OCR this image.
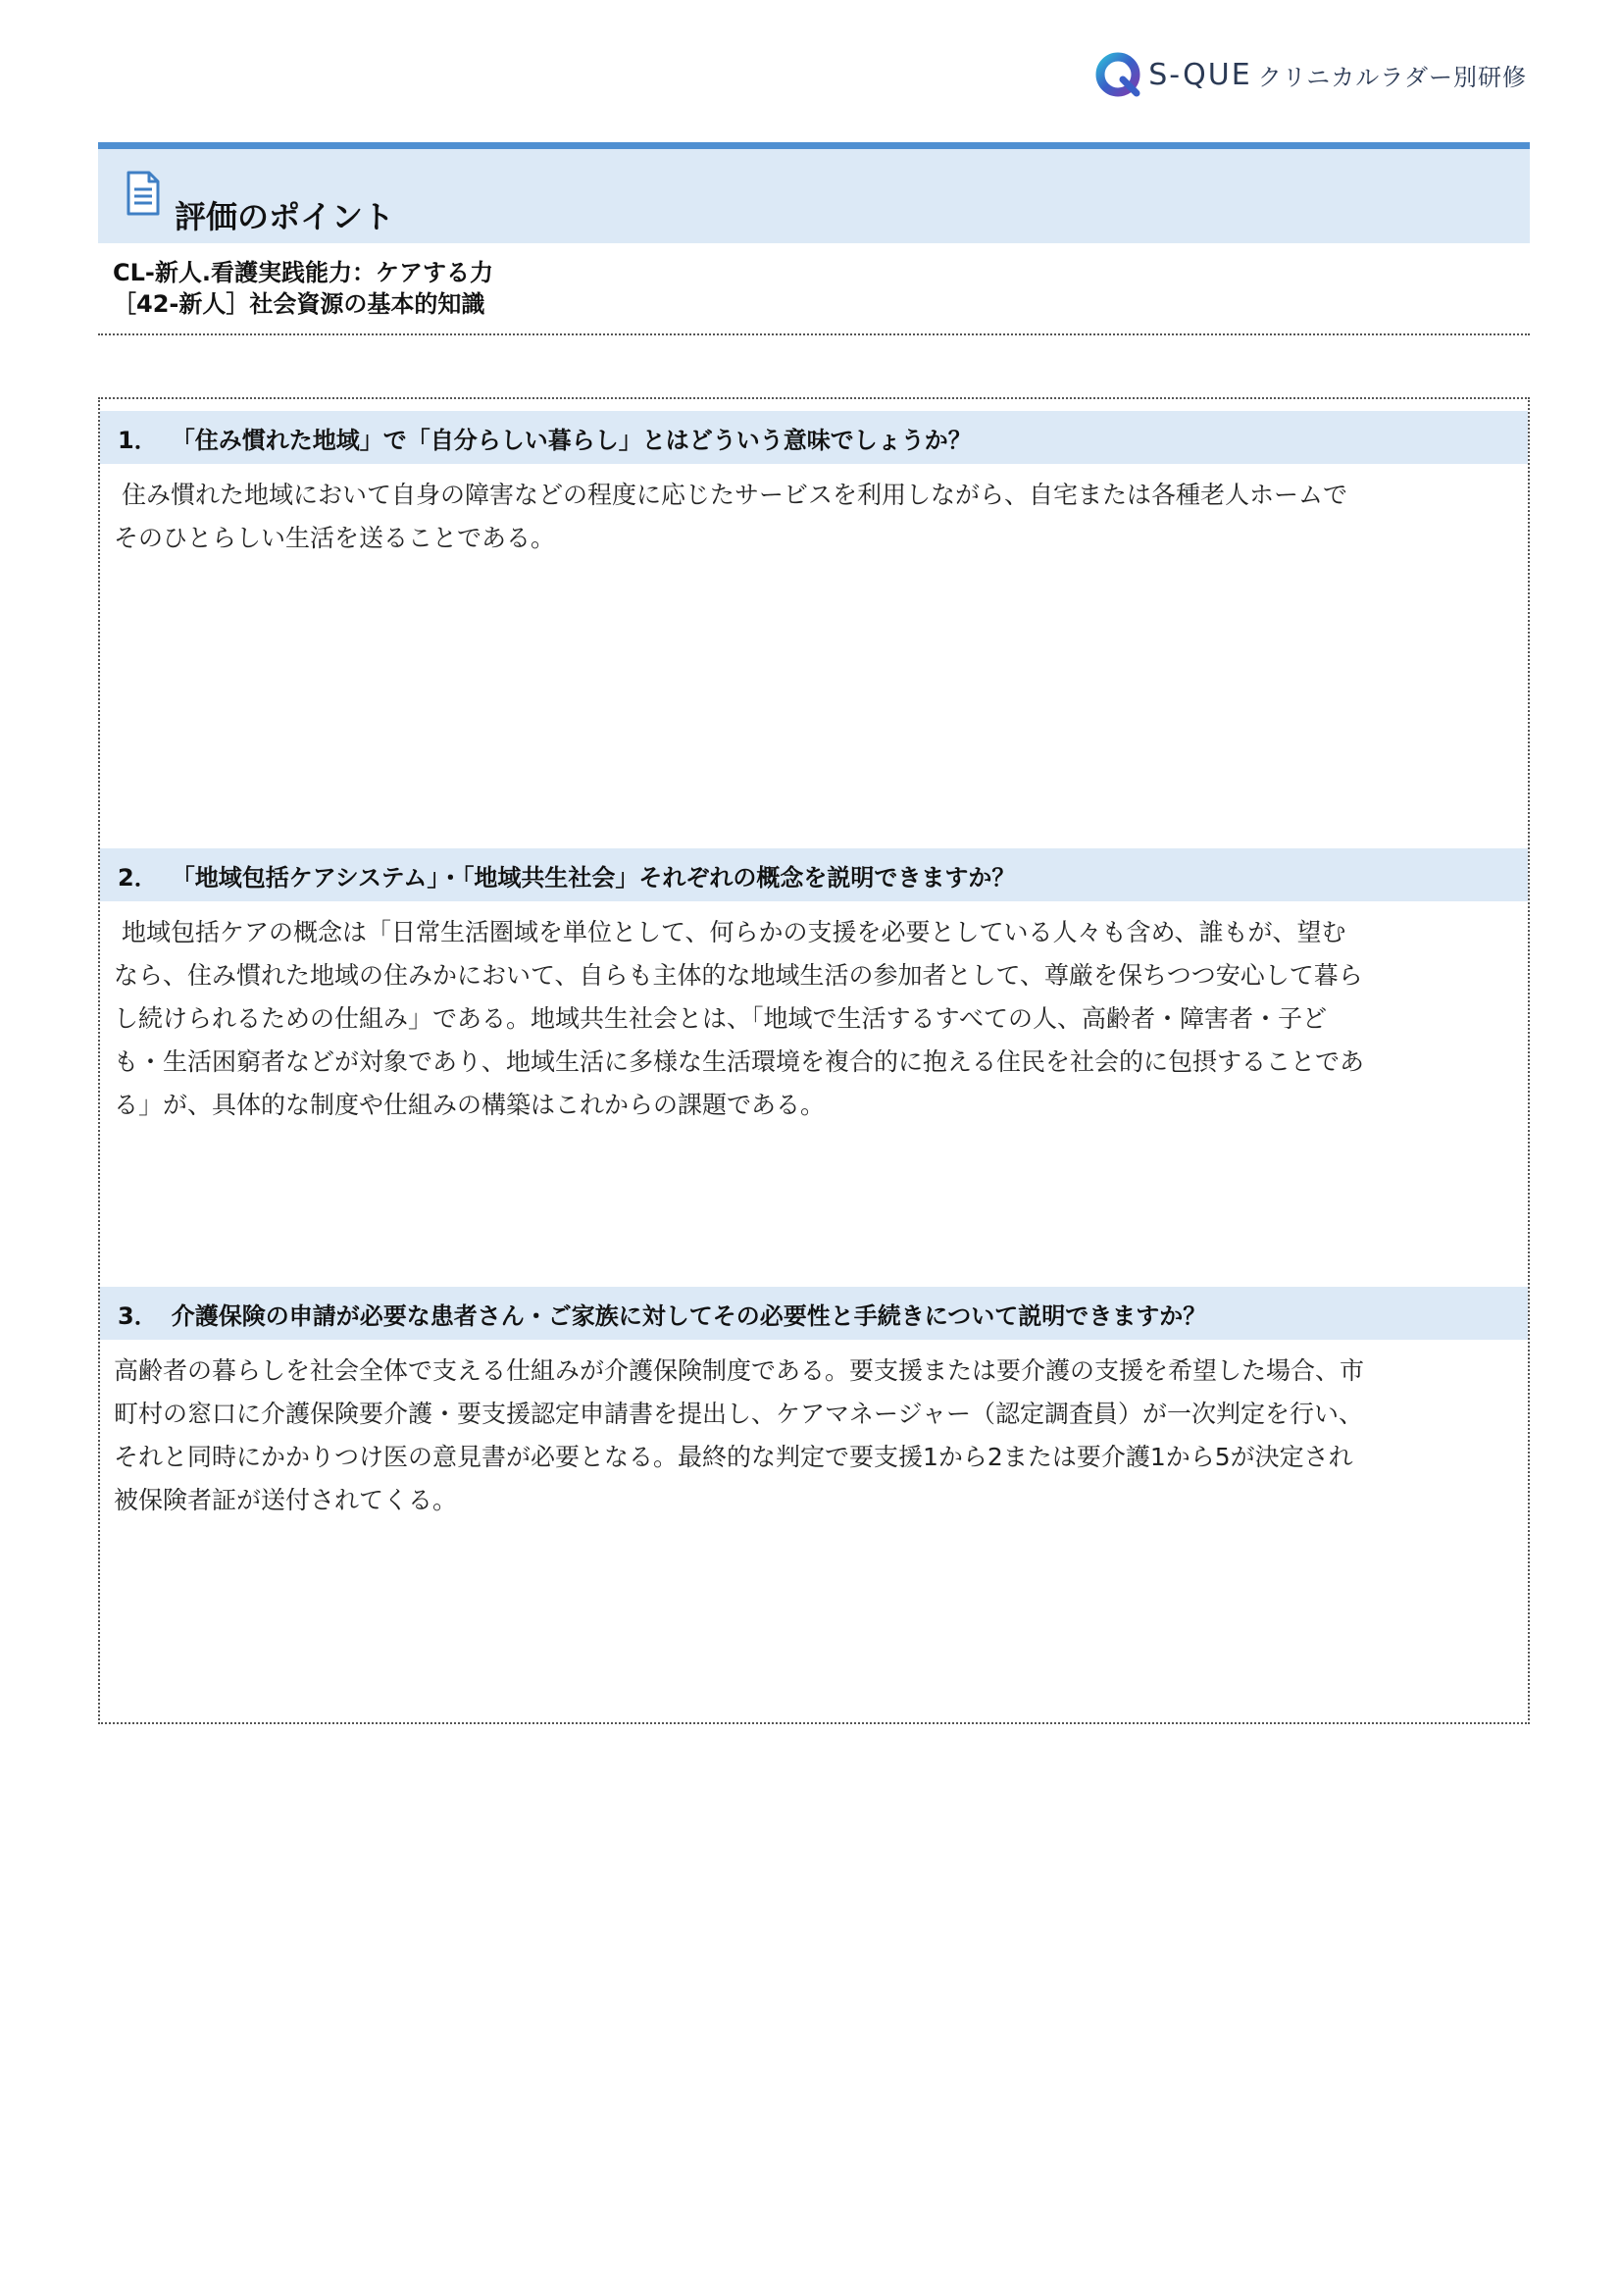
S-QUE クリニカルラダー別研修
評価のポイント
CL-新人.看護実践能力：ケアする力
［42-新人］社会資源の基本的知識
1． 「住み慣れた地域」で「自分らしい暮らし」とはどういう意味でしょうか？
住み慣れた地域において自身の障害などの程度に応じたサービスを利用しながら、自宅または各種老人ホームで
そのひとらしい生活を送ることである。
2． 「地域包括ケアシステム」・「地域共生社会」それぞれの概念を説明できますか？
地域包括ケアの概念は「日常生活圏域を単位として、何らかの支援を必要としている人々も含め、誰もが、望む
なら、住み慣れた地域の住みかにおいて、自らも主体的な地域生活の参加者として、尊厳を保ちつつ安心して暮ら
し続けられるための仕組み」である。地域共生社会とは、「地域で生活するすべての人、高齢者・障害者・子ど
も・生活困窮者などが対象であり、地域生活に多様な生活環境を複合的に抱える住民を社会的に包摂することであ
る」が、具体的な制度や仕組みの構築はこれからの課題である。
3． 介護保険の申請が必要な患者さん・ご家族に対してその必要性と手続きについて説明できますか？
高齢者の暮らしを社会全体で支える仕組みが介護保険制度である。要支援または要介護の支援を希望した場合、市
町村の窓口に介護保険要介護・要支援認定申請書を提出し、ケアマネージャー（認定調査員）が一次判定を行い、
それと同時にかかりつけ医の意見書が必要となる。最終的な判定で要支援1から2または要介護1から5が決定され
被保険者証が送付されてくる。
